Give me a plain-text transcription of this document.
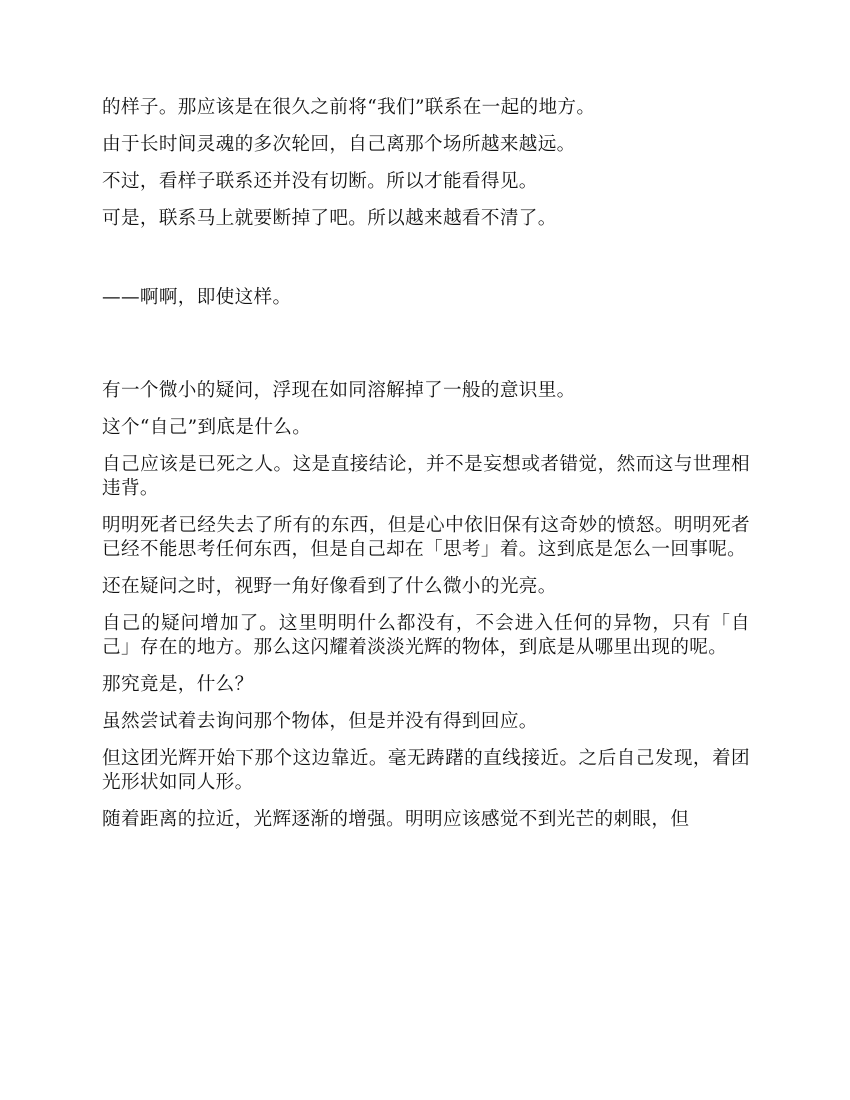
的样子。那应该是在很久之前将“我们”联系在一起的地方。

由于长时间灵魂的多次轮回，自己离那个场所越来越远。

不过，看样子联系还并没有切断。所以才能看得见。

可是，联系马上就要断掉了吧。所以越来越看不清了。

——啊啊，即使这样。

有一个微小的疑问，浮现在如同溶解掉了一般的意识里。

这个“自己”到底是什么。

自己应该是已死之人。这是直接结论，并不是妄想或者错觉，然而这与世理相违背。

明明死者已经失去了所有的东西，但是心中依旧保有这奇妙的愤怒。明明死者已经不能思考任何东西，但是自己却在「思考」着。这到底是怎么一回事呢。

还在疑问之时，视野一角好像看到了什么微小的光亮。

自己的疑问增加了。这里明明什么都没有，不会进入任何的异物，只有「自己」存在的地方。那么这闪耀着淡淡光辉的物体，到底是从哪里出现的呢。

那究竟是，什么？

虽然尝试着去询问那个物体，但是并没有得到回应。

但这团光辉开始下那个这边靠近。毫无踌躇的直线接近。之后自己发现，着团光形状如同人形。

随着距离的拉近，光辉逐渐的增强。明明应该感觉不到光芒的刺眼，但
